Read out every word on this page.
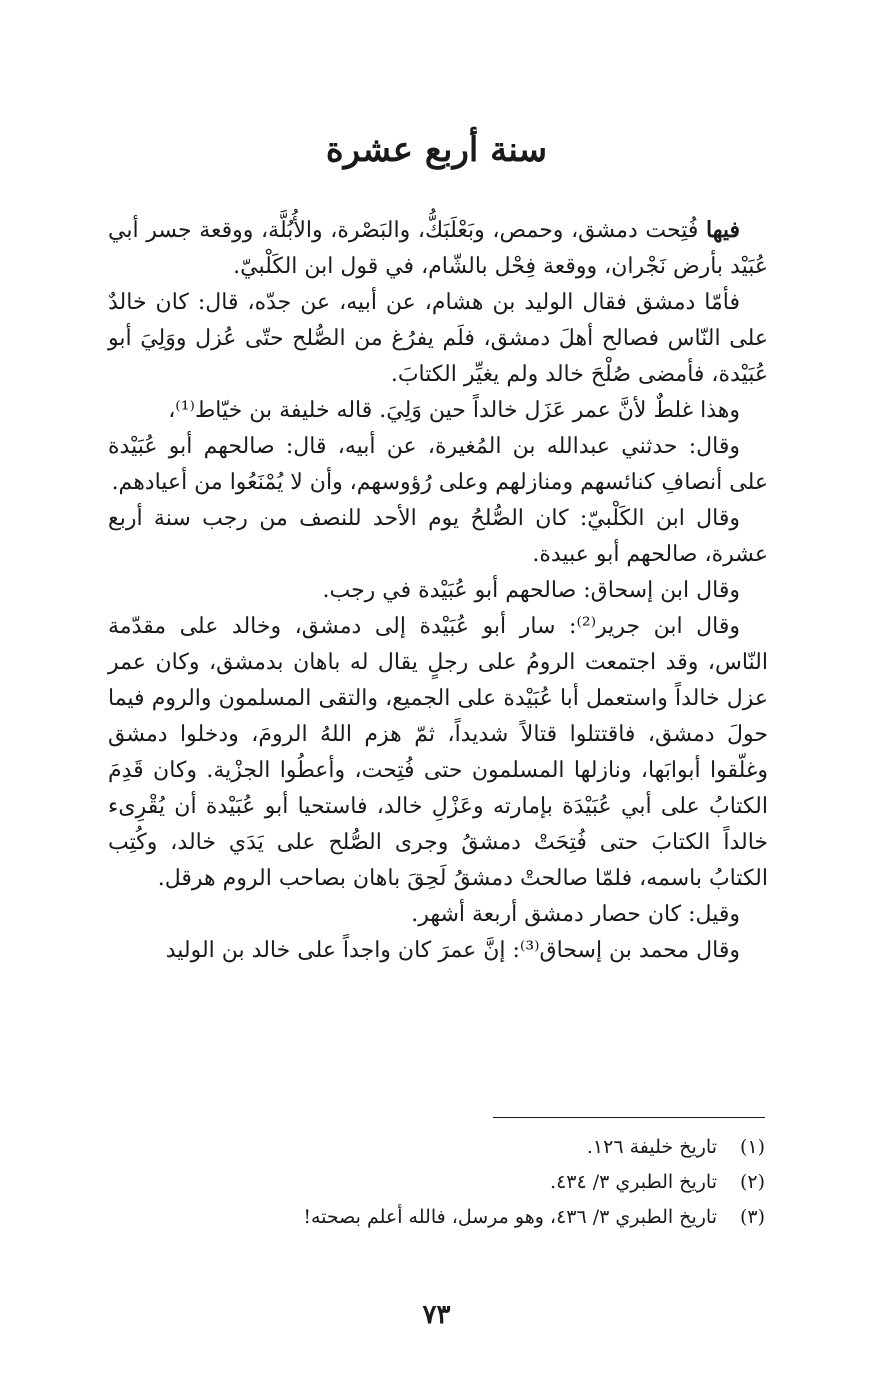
سنة أربع عشرة

فيها فُتِحت دمشق، وحمص، وبَعْلَبَكُّ، والبَصْرة، والأُبُلَّة، ووقعة جسر أبي عُبَيْد بأرض نَجْران، ووقعة فِحْل بالشّام، في قول ابن الكَلْبيّ.

فأمّا دمشق فقال الوليد بن هشام، عن أبيه، عن جدّه، قال: كان خالدٌ على النّاس فصالح أهلَ دمشق، فلَم يفرُغ من الصُّلح حتّى عُزل ووَلِيَ أبو عُبَيْدة، فأمضى صُلْحَ خالد ولم يغيِّر الكتابَ.

وهذا غلطٌ لأنَّ عمر عَزَل خالداً حين وَلِيَ. قاله خليفة بن خيّاط⁽¹⁾،

وقال: حدثني عبدالله بن المُغيرة، عن أبيه، قال: صالحهم أبو عُبَيْدة على أنصافِ كنائسهم ومنازلهم وعلى رُؤوسهم، وأن لا يُمْنَعُوا من أعيادهم.

وقال ابن الكَلْبيّ: كان الصُّلحُ يوم الأحد للنصف من رجب سنة أربع عشرة، صالحهم أبو عبيدة.

وقال ابن إسحاق: صالحهم أبو عُبَيْدة في رجب.

وقال ابن جرير⁽²⁾: سار أبو عُبَيْدة إلى دمشق، وخالد على مقدّمة النّاس، وقد اجتمعت الرومُ على رجلٍ يقال له باهان بدمشق، وكان عمر عزل خالداً واستعمل أبا عُبَيْدة على الجميع، والتقى المسلمون والروم فيما حولَ دمشق، فاقتتلوا قتالاً شديداً، ثمّ هزم اللهُ الرومَ، ودخلوا دمشق وغلّقوا أبوابَها، ونازلها المسلمون حتى فُتِحت، وأعطُوا الجزْية. وكان قَدِمَ الكتابُ على أبي عُبَيْدَة بإمارته وعَزْلِ خالد، فاستحيا أبو عُبَيْدة أن يُقْرِىء خالداً الكتابَ حتى فُتِحَتْ دمشقُ وجرى الصُّلح على يَدَي خالد، وكُتِب الكتابُ باسمه، فلمّا صالحتْ دمشقُ لَحِقَ باهان بصاحب الروم هرقل.

وقيل: كان حصار دمشق أربعة أشهر.

وقال محمد بن إسحاق⁽³⁾: إنَّ عمرَ كان واجداً على خالد بن الوليد

(١)
تاريخ خليفة ١٢٦.
(٢)
تاريخ الطبري ٣/ ٤٣٤.
(٣)
تاريخ الطبري ٣/ ٤٣٦، وهو مرسل، فالله أعلم بصحته!
٧٣
